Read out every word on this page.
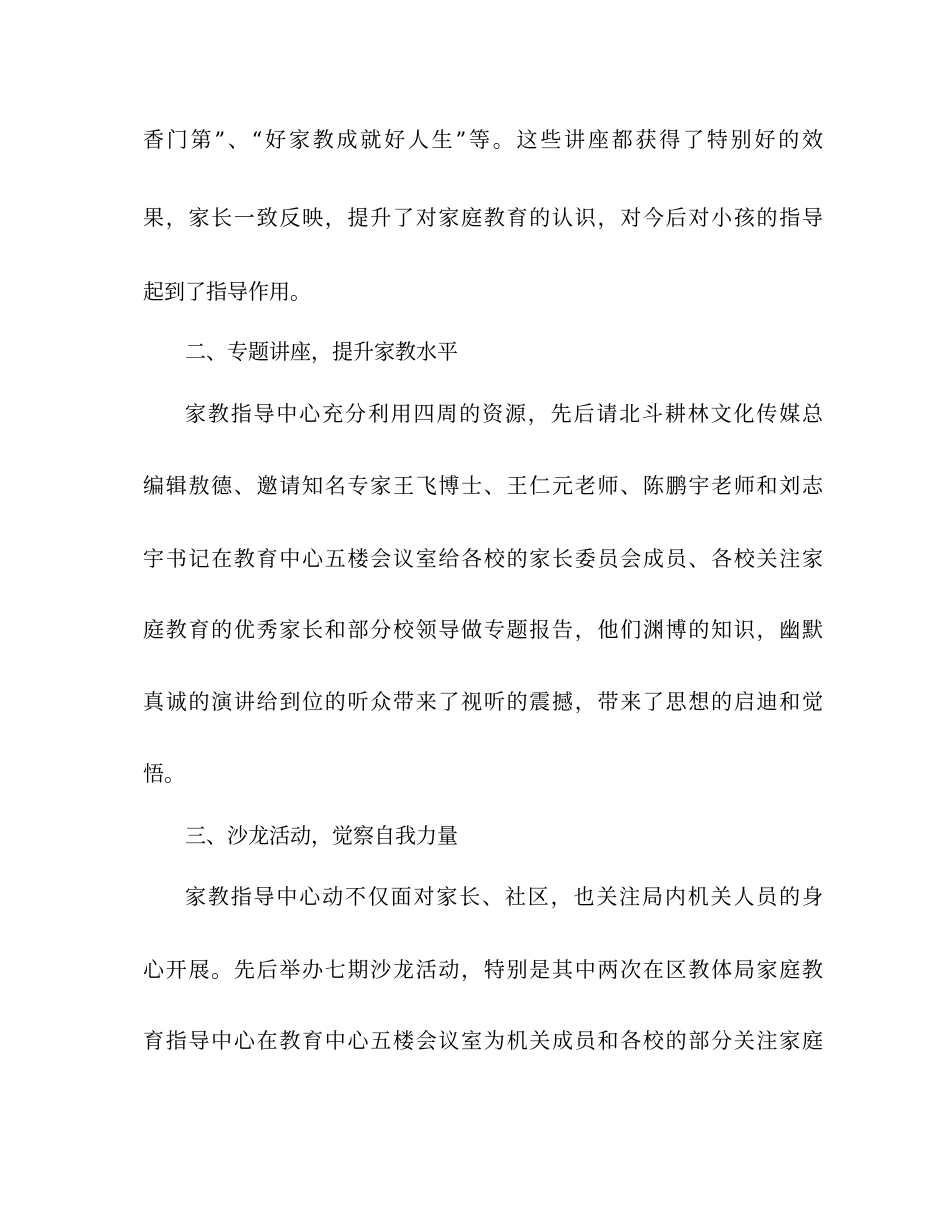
香门第”、“好家教成就好人生”等。这些讲座都获得了特别好的效
果，家长一致反映，提升了对家庭教育的认识，对今后对小孩的指导
起到了指导作用。
二、专题讲座，提升家教水平
家教指导中心充分利用四周的资源，先后请北斗耕林文化传媒总
编辑敖德、邀请知名专家王飞博士、王仁元老师、陈鹏宇老师和刘志
宇书记在教育中心五楼会议室给各校的家长委员会成员、各校关注家
庭教育的优秀家长和部分校领导做专题报告，他们渊博的知识，幽默
真诚的演讲给到位的听众带来了视听的震撼，带来了思想的启迪和觉
悟。
三、沙龙活动，觉察自我力量
家教指导中心动不仅面对家长、社区，也关注局内机关人员的身
心开展。先后举办七期沙龙活动，特别是其中两次在区教体局家庭教
育指导中心在教育中心五楼会议室为机关成员和各校的部分关注家庭
